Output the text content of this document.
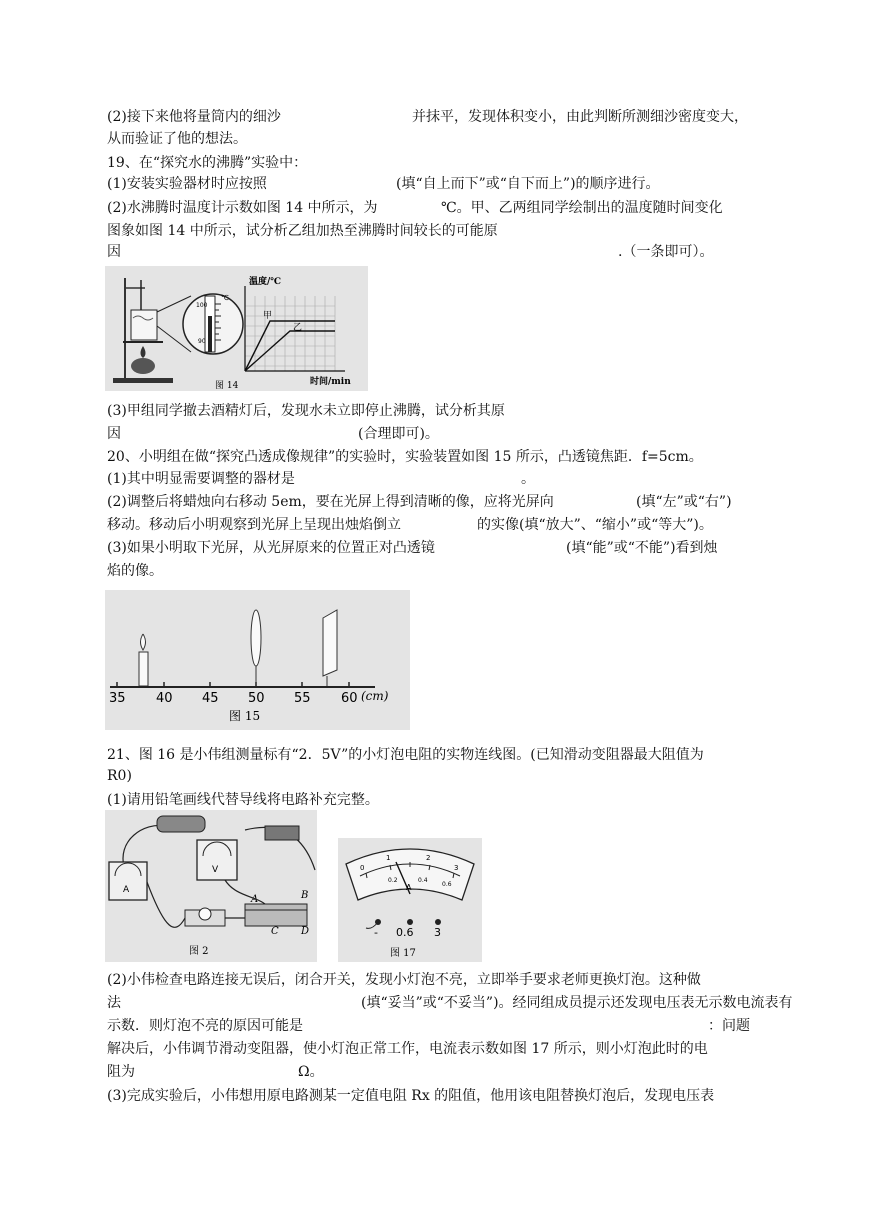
(2)接下来他将量筒内的细沙	并抹平，发现体积变小，由此判断所测细沙密度变大，
从而验证了他的想法。
19、在“探究水的沸腾”实验中：
(1)安装实验器材时应按照	(填“自上而下”或“自下而上”)的顺序进行。
(2)水沸腾时温度计示数如图 14 中所示，为	℃。甲、乙两组同学绘制出的温度随时间变化
图象如图 14 中所示，试分析乙组加热至沸腾时间较长的可能原
因	.（一条即可）。
(3)甲组同学撤去酒精灯后，发现水未立即停止沸腾，试分析其原
因	(合理即可)。
20、小明组在做“探究凸透成像规律”的实验时，实验装置如图 15 所示，凸透镜焦距．f=5cm。
(1)其中明显需要调整的器材是	。
(2)调整后将蜡烛向右移动 5em，要在光屏上得到清晰的像，应将光屏向	(填“左”或“右”)
移动。移动后小明观察到光屏上呈现出烛焰倒立	的实像(填“放大”、“缩小”或“等大”)。
(3)如果小明取下光屏，从光屏原来的位置正对凸透镜	(填“能”或“不能”)看到烛
焰的像。
21、图 16 是小伟组测量标有“2．5V”的小灯泡电阻的实物连线图。(已知滑动变阻器最大阻值为
R0)
(1)请用铅笔画线代替导线将电路补充完整。
(2)小伟检查电路连接无误后，闭合开关，发现小灯泡不亮，立即举手要求老师更换灯泡。这种做
法	(填“妥当”或“不妥当”)。经同组成员提示还发现电压表无示数电流表有
示数．则灯泡不亮的原因可能是	：问题
解决后，小伟调节滑动变阻器，使小灯泡正常工作，电流表示数如图 17 所示，则小灯泡此时的电
阻为	Ω。
(3)完成实验后，小伟想用原电路测某一定值电阻 Rx 的阻值，他用该电阻替换灯泡后，发现电压表
100
90
℃
甲
乙
温度/℃
时间/min
图 14
35 40 45 50 55 60 (cm)
图 15
A
V
A	B
C D
图 2
0
1	2
3
0.2	0.4
0.6
A
- 0.6 3
图 17
